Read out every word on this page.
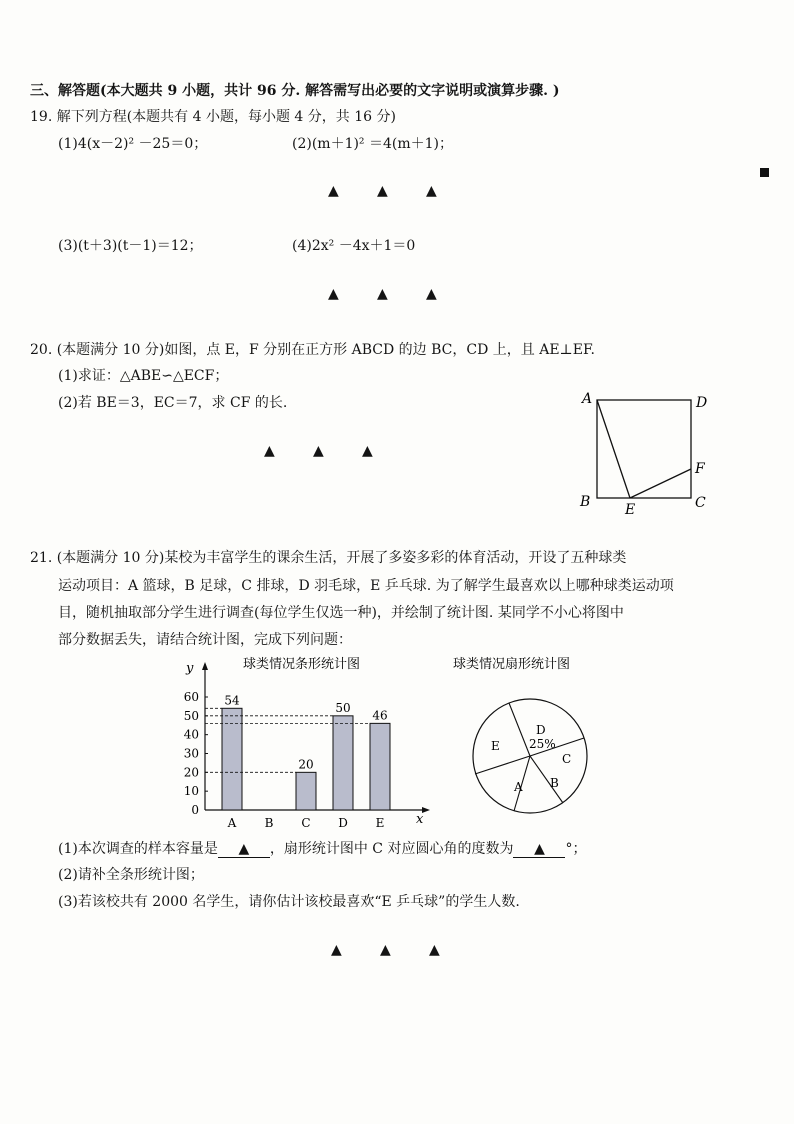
三、解答题(本大题共 9 小题，共计 96 分. 解答需写出必要的文字说明或演算步骤. )
19. 解下列方程(本题共有 4 小题，每小题 4 分，共 16 分)
(1)4(x－2)² －25＝0；	(2)(m＋1)² ＝4(m＋1)；
▲	▲	▲
(3)(t＋3)(t－1)＝12；	(4)2x² －4x＋1＝0
▲	▲	▲
20. (本题满分 10 分)如图，点 E，F 分别在正方形 ABCD 的边 BC，CD 上，且 AE⊥EF.
(1)求证：△ABE∽△ECF；
(2)若 BE＝3，EC＝7，求 CF 的长.
▲	▲	▲
A	D
B	C
E
F
21. (本题满分 10 分)某校为丰富学生的课余生活，开展了多姿多彩的体育活动，开设了五种球类
运动项目：A 篮球，B 足球，C 排球，D 羽毛球，E 乒乓球. 为了解学生最喜欢以上哪种球类运动项
目，随机抽取部分学生进行调查(每位学生仅选一种)，并绘制了统计图. 某同学不小心将图中
部分数据丢失，请结合统计图，完成下列问题：
球类情况条形统计图
y
x
0
10
20
30
40
50
60
A
54
B C
20
D
50
E
46
球类情况扇形统计图
D
25%
C
B
A
E
(1)本次调查的样本容量是 ▲ ，扇形统计图中 C 对应圆心角的度数为 ▲ °；
(2)请补全条形统计图；
(3)若该校共有 2000 名学生，请你估计该校最喜欢“E 乒乓球”的学生人数.
▲	▲	▲
